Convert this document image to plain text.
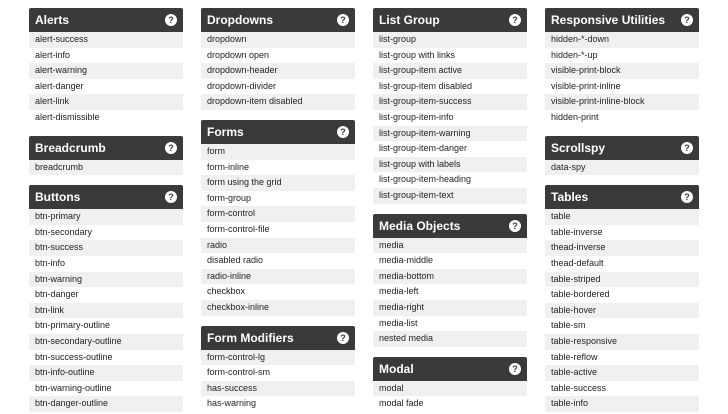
Alerts	?
alert-success
alert-info
alert-warning
alert-danger
alert-link
alert-dismissible
Breadcrumb	?
breadcrumb
Buttons	?
btn-primary
btn-secondary
btn-success
btn-info
btn-warning
btn-danger
btn-link
btn-primary-outline
btn-secondary-outline
btn-success-outline
btn-info-outline
btn-warning-outline
btn-danger-outline
Dropdowns	?
dropdown
dropdown open
dropdown-header
dropdown-divider
dropdown-item disabled
Forms	?
form
form-inline
form using the grid
form-group
form-control
form-control-file
radio
disabled radio
radio-inline
checkbox
checkbox-inline
Form Modifiers	?
form-control-lg
form-control-sm
has-success
has-warning
List Group	?
list-group
list-group with links
list-group-item active
list-group-item disabled
list-group-item-success
list-group-item-info
list-group-item-warning
list-group-item-danger
list-group with labels
list-group-item-heading
list-group-item-text
Media Objects	?
media
media-middle
media-bottom
media-left
media-right
media-list
nested media
Modal	?
modal
modal fade
Responsive Utilities	?
hidden-*-down
hidden-*-up
visible-print-block
visible-print-inline
visible-print-inline-block
hidden-print
Scrollspy	?
data-spy
Tables	?
table
table-inverse
thead-inverse
thead-default
table-striped
table-bordered
table-hover
table-sm
table-responsive
table-reflow
table-active
table-success
table-info
